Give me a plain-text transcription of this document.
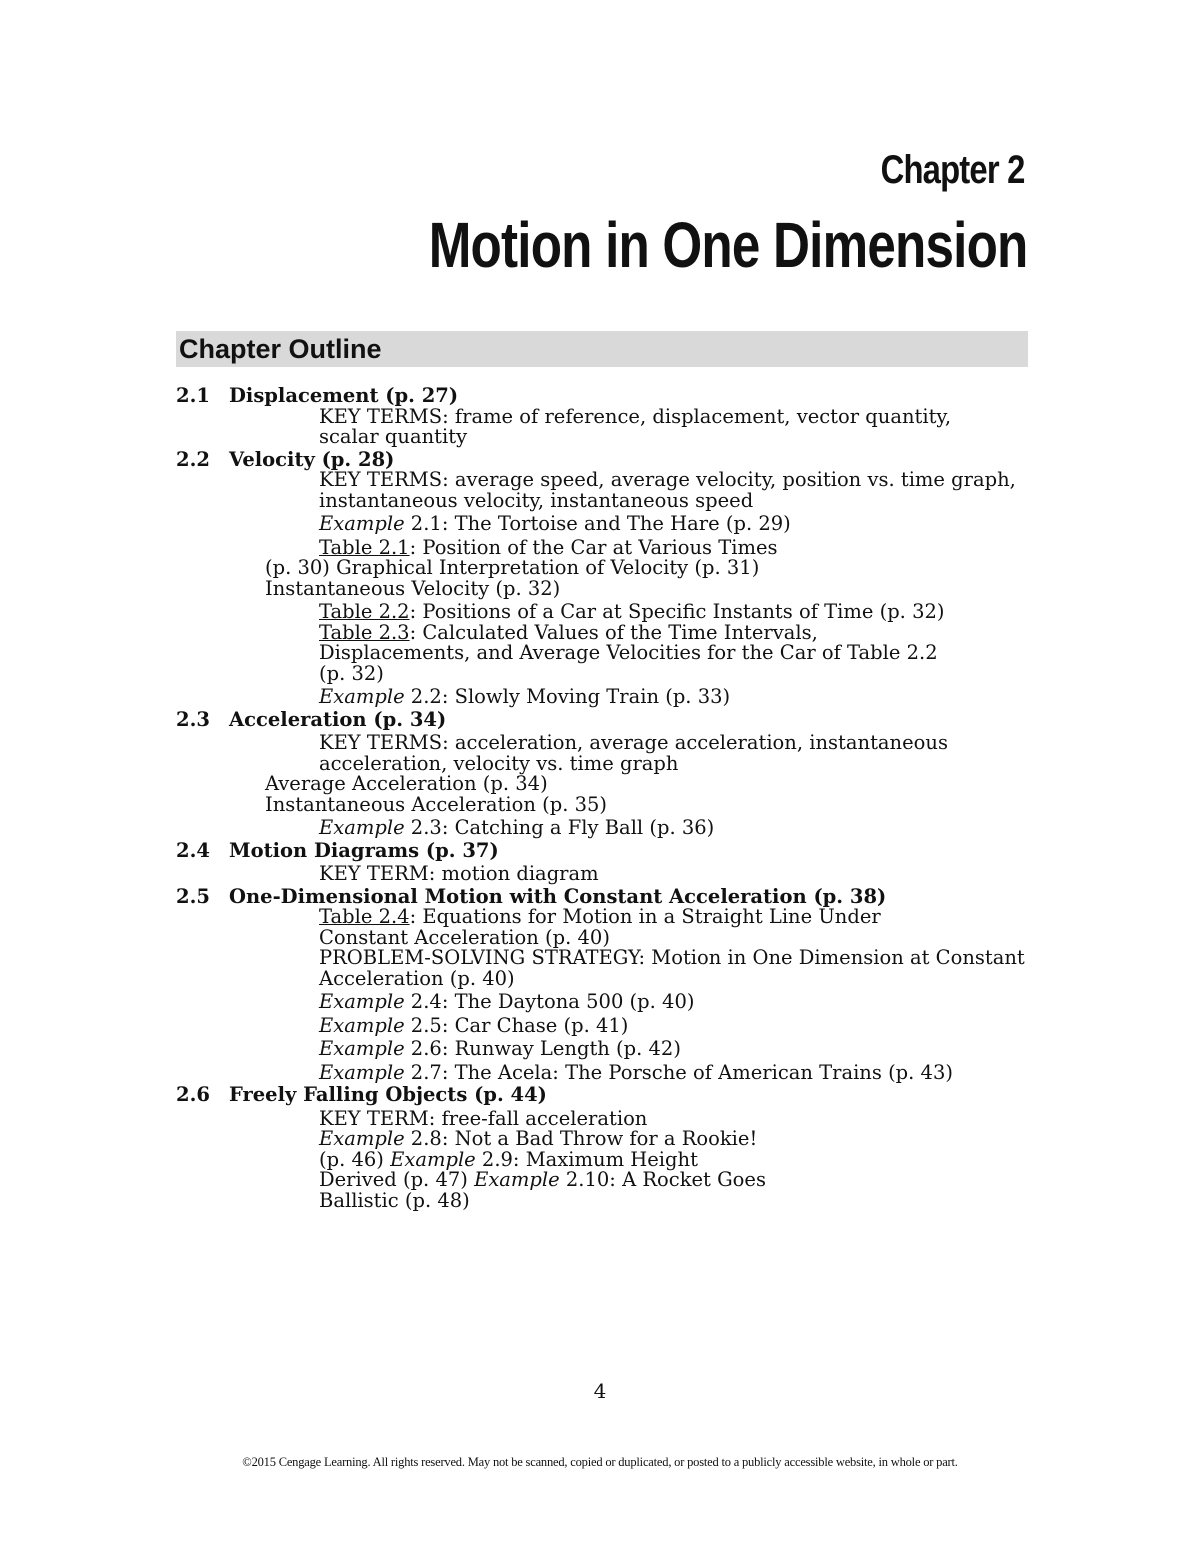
Chapter 2
Motion in One Dimension
Chapter Outline
2.1 Displacement (p. 27)
KEY TERMS: frame of reference, displacement, vector quantity,
scalar quantity
2.2 Velocity (p. 28)
KEY TERMS: average speed, average velocity, position vs. time graph,
instantaneous velocity, instantaneous speed
Example 2.1: The Tortoise and The Hare (p. 29)
Table 2.1: Position of the Car at Various Times
(p. 30) Graphical Interpretation of Velocity (p. 31)
Instantaneous Velocity (p. 32)
Table 2.2: Positions of a Car at Specific Instants of Time (p. 32)
Table 2.3: Calculated Values of the Time Intervals,
Displacements, and Average Velocities for the Car of Table 2.2
(p. 32)
Example 2.2: Slowly Moving Train (p. 33)
2.3 Acceleration (p. 34)
KEY TERMS: acceleration, average acceleration, instantaneous
acceleration, velocity vs. time graph
Average Acceleration (p. 34)
Instantaneous Acceleration (p. 35)
Example 2.3: Catching a Fly Ball (p. 36)
2.4 Motion Diagrams (p. 37)
KEY TERM: motion diagram
2.5 One-Dimensional Motion with Constant Acceleration (p. 38)
Table 2.4: Equations for Motion in a Straight Line Under
Constant Acceleration (p. 40)
PROBLEM-SOLVING STRATEGY: Motion in One Dimension at Constant
Acceleration (p. 40)
Example 2.4: The Daytona 500 (p. 40)
Example 2.5: Car Chase (p. 41)
Example 2.6: Runway Length (p. 42)
Example 2.7: The Acela: The Porsche of American Trains (p. 43)
2.6 Freely Falling Objects (p. 44)
KEY TERM: free-fall acceleration
Example 2.8: Not a Bad Throw for a Rookie!
(p. 46) Example 2.9: Maximum Height
Derived (p. 47) Example 2.10: A Rocket Goes
Ballistic (p. 48)
4
©2015 Cengage Learning. All rights reserved. May not be scanned, copied or duplicated, or posted to a publicly accessible website, in whole or part.
